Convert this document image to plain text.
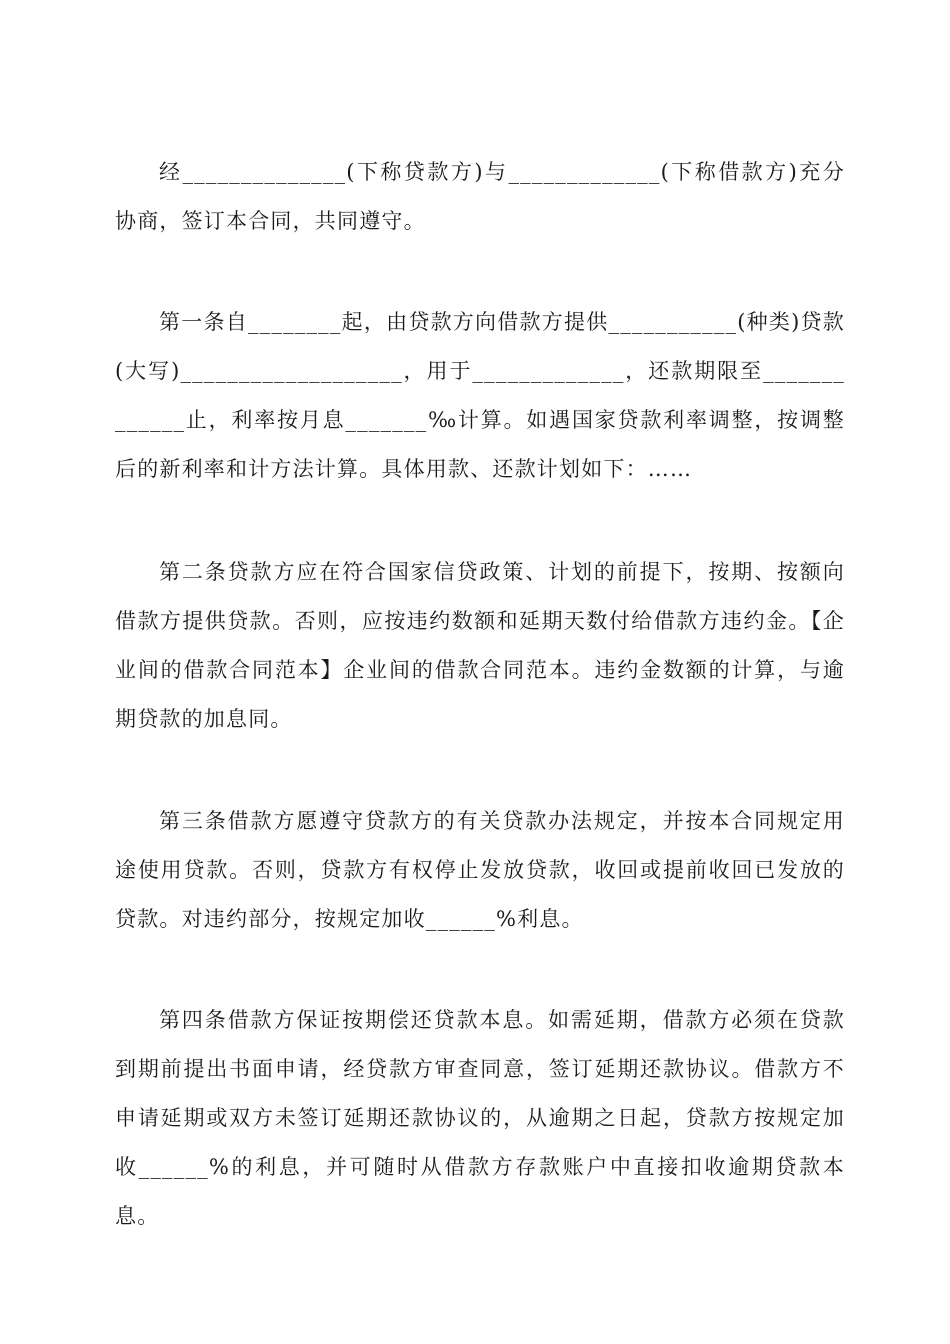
经______________(下称贷款方)与_____________(下称借款方)充分协商，签订本合同，共同遵守。

第一条自________起，由贷款方向借款方提供___________(种类)贷款(大写)___________________，用于_____________，还款期限至_____________止，利率按月息_______‰计算。如遇国家贷款利率调整，按调整后的新利率和计方法计算。具体用款、还款计划如下：……

第二条贷款方应在符合国家信贷政策、计划的前提下，按期、按额向借款方提供贷款。否则，应按违约数额和延期天数付给借款方违约金。【企业间的借款合同范本】企业间的借款合同范本。违约金数额的计算，与逾期贷款的加息同。

第三条借款方愿遵守贷款方的有关贷款办法规定，并按本合同规定用途使用贷款。否则，贷款方有权停止发放贷款，收回或提前收回已发放的贷款。对违约部分，按规定加收______%利息。

第四条借款方保证按期偿还贷款本息。如需延期，借款方必须在贷款到期前提出书面申请，经贷款方审查同意，签订延期还款协议。借款方不申请延期或双方未签订延期还款协议的，从逾期之日起，贷款方按规定加收______%的利息，并可随时从借款方存款账户中直接扣收逾期贷款本息。
